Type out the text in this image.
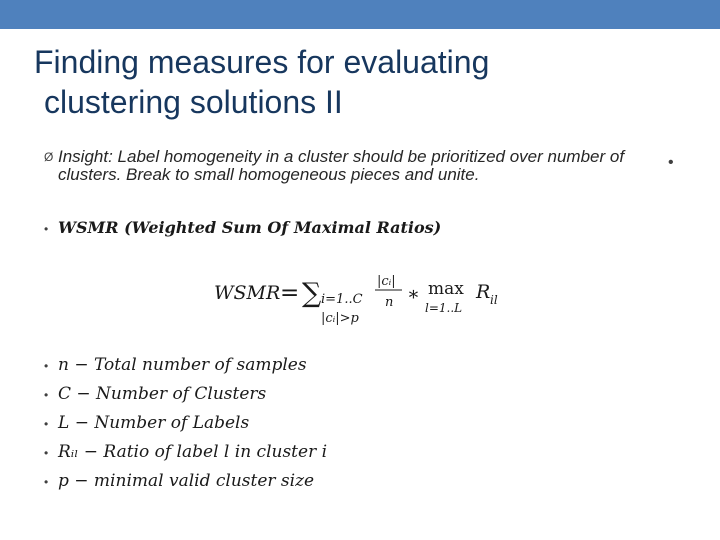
Finding measures for evaluating
clustering solutions II
Ø Insight: Label homogeneity in a cluster should be prioritized over number of clusters. Break to small homogeneous pieces and unite.
•
• WSMR (Weighted Sum Of Maximal Ratios)
WSMR = ∑ i=1..C
|cᵢ|>p
|cᵢ|
n ∗ max
l=1..L
R il
• n − Total number of samples
• C − Number of Clusters
• L − Number of Labels
• Rᵢₗ − Ratio of label l in cluster i
• p − minimal valid cluster size
